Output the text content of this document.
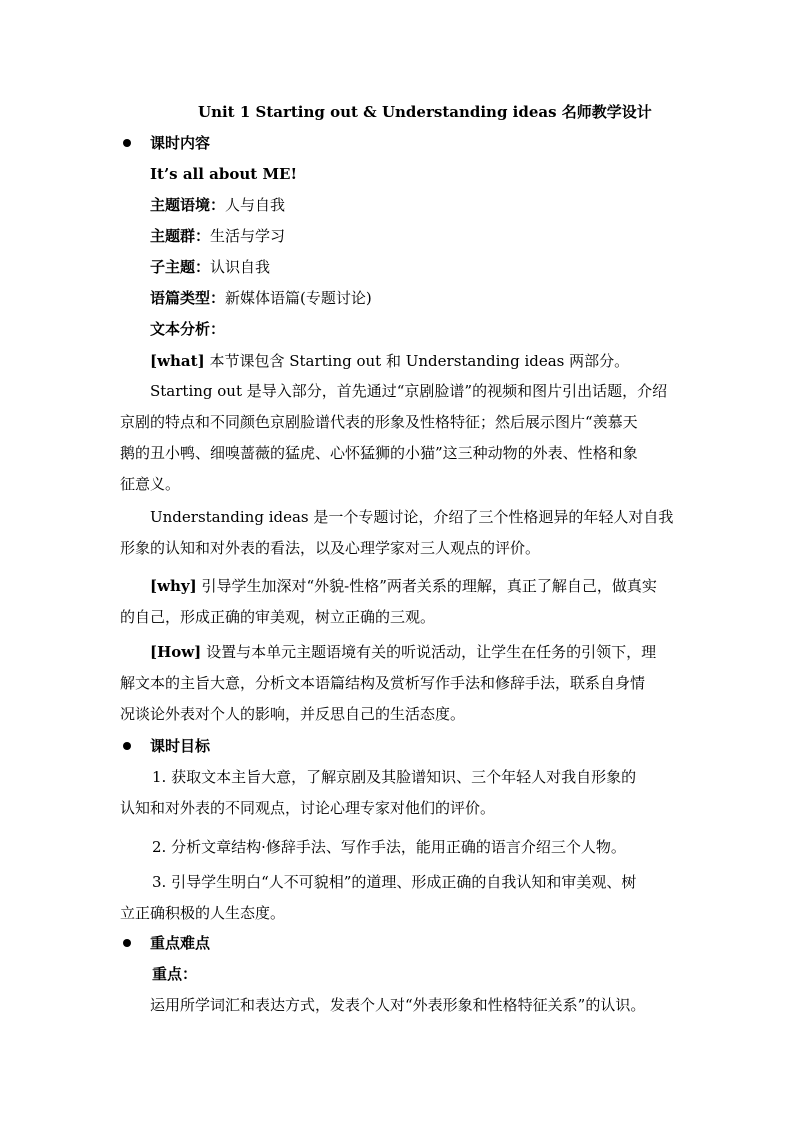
Unit 1 Starting out & Understanding ideas 名师教学设计
课时内容
It’s all about ME!
主题语境：人与自我
主题群：生活与学习
子主题：认识自我
语篇类型：新媒体语篇(专题讨论)
文本分析：
[what] 本节课包含 Starting out 和 Understanding ideas 两部分。
Starting out 是导入部分，首先通过“京剧脸谱”的视频和图片引出话题，介绍
京剧的特点和不同颜色京剧脸谱代表的形象及性格特征；然后展示图片“羡慕天
鹅的丑小鸭、细嗅蔷薇的猛虎、心怀猛狮的小猫”这三种动物的外表、性格和象
征意义。
Understanding ideas 是一个专题讨论，介绍了三个性格迥异的年轻人对自我
形象的认知和对外表的看法，以及心理学家对三人观点的评价。
[why] 引导学生加深对“外貌-性格”两者关系的理解，真正了解自己，做真实
的自己，形成正确的审美观，树立正确的三观。
[How] 设置与本单元主题语境有关的听说活动，让学生在任务的引领下，理
解文本的主旨大意，分析文本语篇结构及赏析写作手法和修辞手法，联系自身情
况谈论外表对个人的影响，并反思自己的生活态度。
课时目标
1. 获取文本主旨大意，了解京剧及其脸谱知识、三个年轻人对我自形象的
认知和对外表的不同观点，讨论心理专家对他们的评价。
2. 分析文章结构·修辞手法、写作手法，能用正确的语言介绍三个人物。
3. 引导学生明白“人不可貌相”的道理、形成正确的自我认知和审美观、树
立正确积极的人生态度。
重点难点
重点：
运用所学词汇和表达方式，发表个人对“外表形象和性格特征关系”的认识。
